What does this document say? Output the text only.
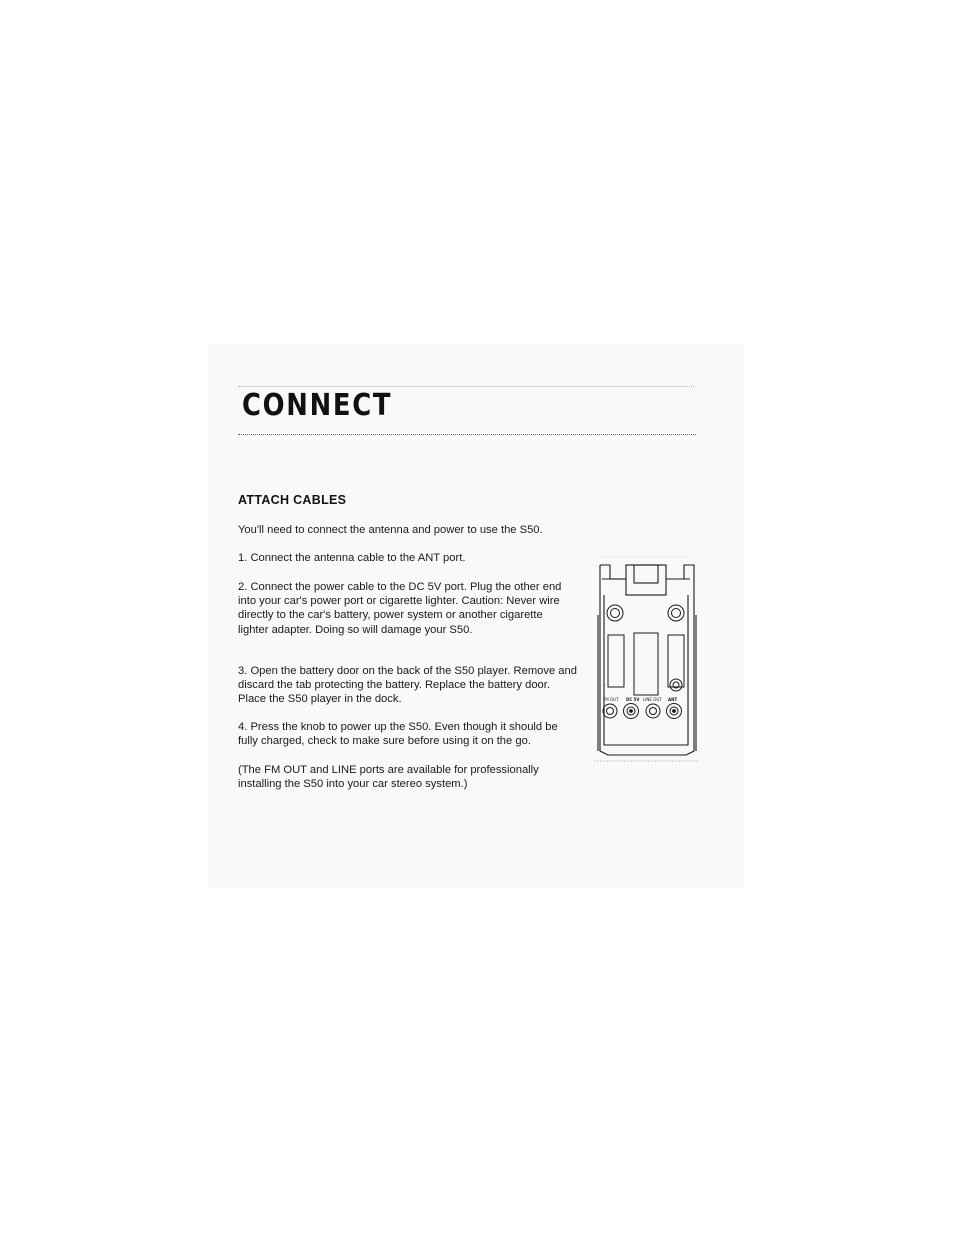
CONNECT
ATTACH CABLES

You'll need to connect the antenna and power to use the S50.

1. Connect the antenna cable to the ANT port.

2. Connect the power cable to the DC 5V port. Plug the other end into your car's power port or cigarette lighter. Caution: Never wire directly to the car's battery, power system or another cigarette lighter adapter. Doing so will damage your S50.

3. Open the battery door on the back of the S50 player. Remove and discard the tab protecting the battery. Replace the battery door. Place the S50 player in the dock.

4. Press the knob to power up the S50. Even though it should be fully charged, check to make sure before using it on the go.

(The FM OUT and LINE ports are available for professionally installing the S50 into your car stereo system.)

FM OUT DC 5V LINE OUT ANT
